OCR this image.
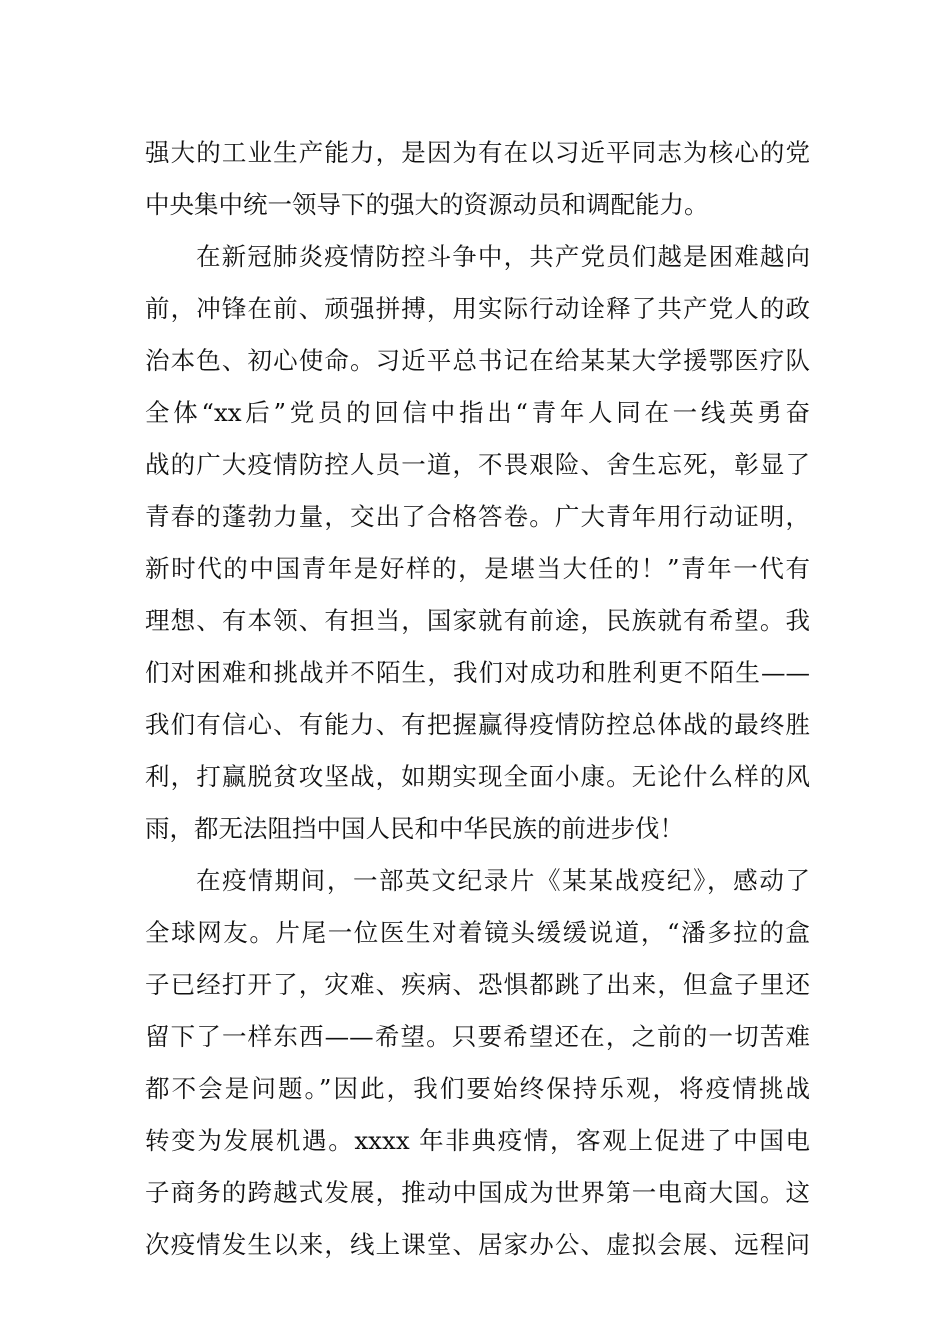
强大的工业生产能力，是因为有在以习近平同志为核心的党
中央集中统一领导下的强大的资源动员和调配能力。
在新冠肺炎疫情防控斗争中，共产党员们越是困难越向
前，冲锋在前、顽强拼搏，用实际行动诠释了共产党人的政
治本色、初心使命。习近平总书记在给某某大学援鄂医疗队
全体“xx后”党员的回信中指出“青年人同在一线英勇奋
战的广大疫情防控人员一道，不畏艰险、舍生忘死，彰显了
青春的蓬勃力量，交出了合格答卷。广大青年用行动证明，
新时代的中国青年是好样的，是堪当大任的！”青年一代有
理想、有本领、有担当，国家就有前途，民族就有希望。我
们对困难和挑战并不陌生，我们对成功和胜利更不陌生——
我们有信心、有能力、有把握赢得疫情防控总体战的最终胜
利，打赢脱贫攻坚战，如期实现全面小康。无论什么样的风
雨，都无法阻挡中国人民和中华民族的前进步伐！
在疫情期间，一部英文纪录片《某某战疫纪》，感动了
全球网友。片尾一位医生对着镜头缓缓说道，“潘多拉的盒
子已经打开了，灾难、疾病、恐惧都跳了出来，但盒子里还
留下了一样东西——希望。只要希望还在，之前的一切苦难
都不会是问题。”因此，我们要始终保持乐观，将疫情挑战
转变为发展机遇。xxxx 年非典疫情，客观上促进了中国电
子商务的跨越式发展，推动中国成为世界第一电商大国。这
次疫情发生以来，线上课堂、居家办公、虚拟会展、远程问
